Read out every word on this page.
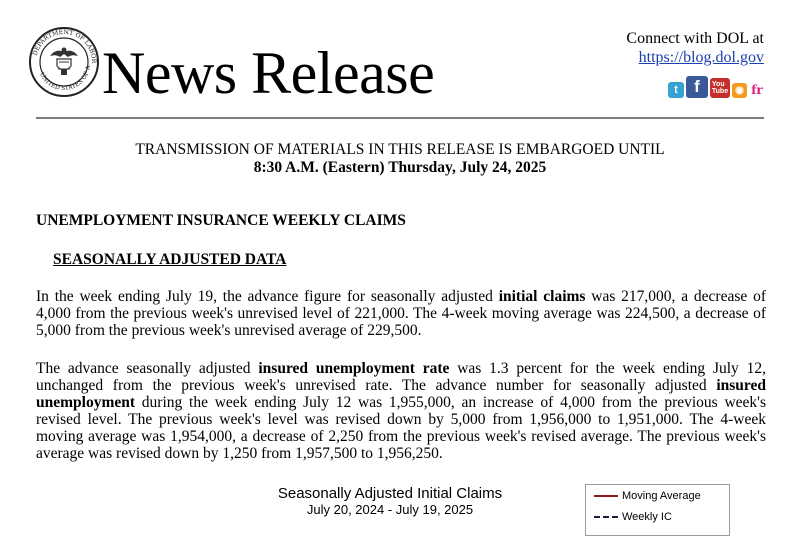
DEPARTMENT OF LABOR
UNITED STATES OF A News Release
Connect with DOL at
https://blog.dol.gov
t f	You
Tube ◉ fr
TRANSMISSION OF MATERIALS IN THIS RELEASE IS EMBARGOED UNTIL
8:30 A.M. (Eastern) Thursday, July 24, 2025
UNEMPLOYMENT INSURANCE WEEKLY CLAIMS
SEASONALLY ADJUSTED DATA
In the week ending July 19, the advance figure for seasonally adjusted initial claims was 217,000, a decrease of 4,000 from the previous week's unrevised level of 221,000. The 4-week moving average was 224,500, a decrease of 5,000 from the previous week's unrevised average of 229,500.
The advance seasonally adjusted insured unemployment rate was 1.3 percent for the week ending July 12, unchanged from the previous week's unrevised rate. The advance number for seasonally adjusted insured unemployment during the week ending July 12 was 1,955,000, an increase of 4,000 from the previous week's revised level. The previous week's level was revised down by 5,000 from 1,956,000 to 1,951,000. The 4-week moving average was 1,954,000, a decrease of 2,250 from the previous week's revised average. The previous week's average was revised down by 1,250 from 1,957,500 to 1,956,250.
Seasonally Adjusted Initial Claims
July 20, 2024 - July 19, 2025
Moving Average
Weekly IC
